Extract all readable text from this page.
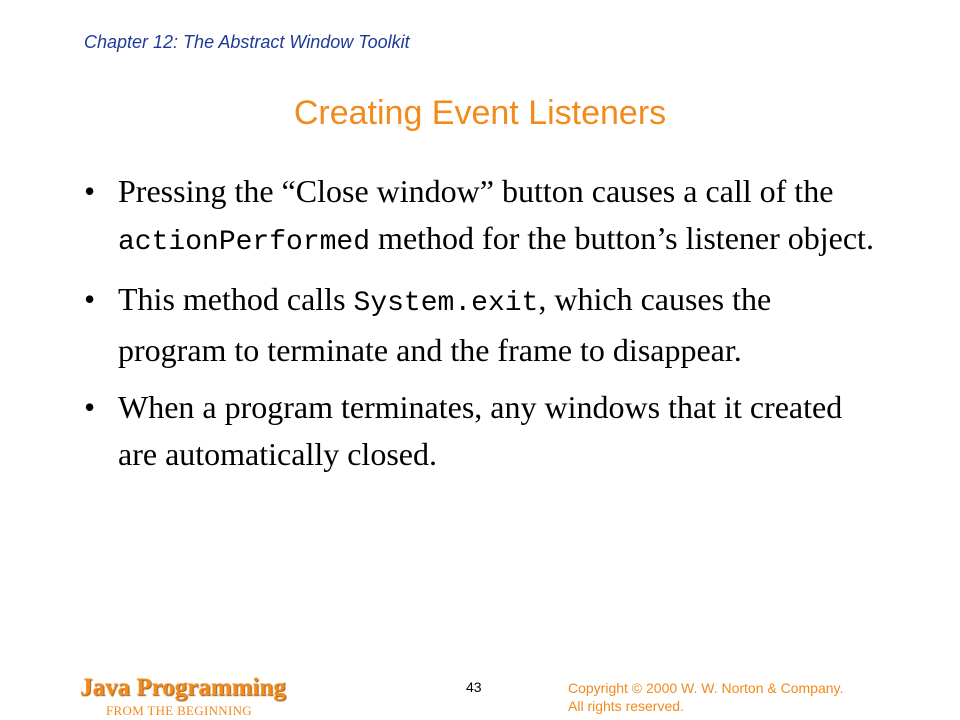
Chapter 12: The Abstract Window Toolkit
Creating Event Listeners
• Pressing the “Close window” button causes a call of the actionPerformed method for the button’s listener object.
• This method calls System.exit, which causes the program to terminate and the frame to disappear.
• When a program terminates, any windows that it created are automatically closed.
Java Programming
FROM THE BEGINNING
43	Copyright © 2000 W. W. Norton & Company.
All rights reserved.
